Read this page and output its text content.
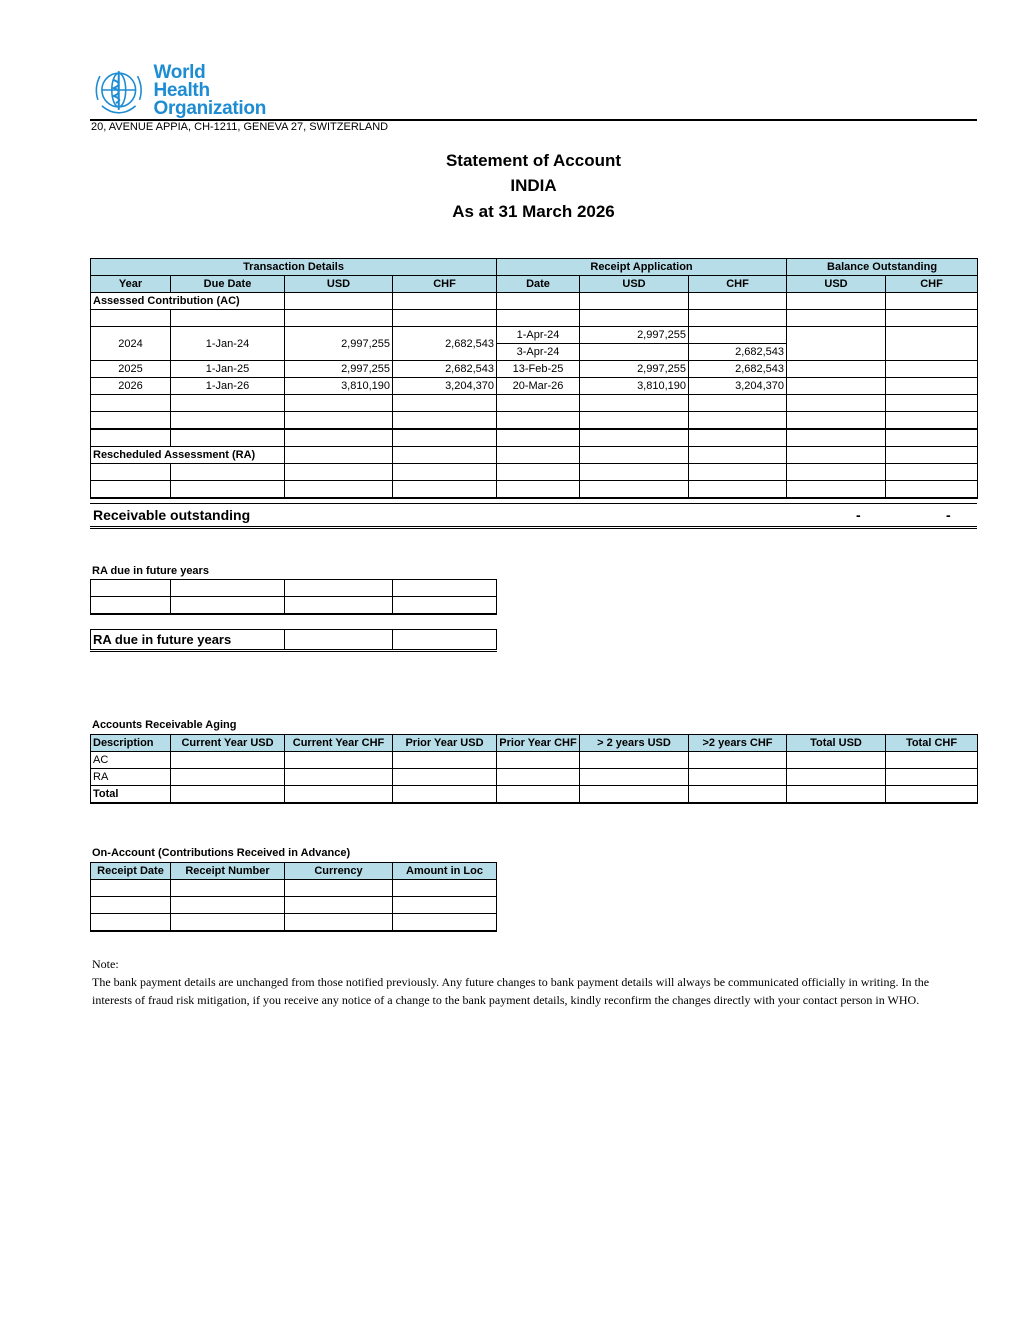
World Health
Organization
20, AVENUE APPIA, CH-1211, GENEVA 27, SWITZERLAND
Statement of Account
INDIA
As at 31 March 2026
Transaction Details				Receipt Application			Balance Outstanding	
Year	Due Date	USD	CHF	Date	USD	CHF	USD	CHF
Assessed Contribution (AC)								

2024	1-Jan-24	2,997,255	2,682,543	1-Apr-24	2,997,255			
				3-Apr-24		2,682,543		
2025	1-Jan-25	2,997,255	2,682,543	13-Feb-25	2,997,255	2,682,543		
2026	1-Jan-26	3,810,190	3,204,370	20-Mar-26	3,810,190	3,204,370		

Rescheduled Assessment (RA)								

Receivable outstanding	-	-
RA due in future years

RA due in future years		
Accounts Receivable Aging
Description	Current Year USD	Current Year CHF	Prior Year USD	Prior Year CHF	> 2 years USD	>2 years CHF	Total USD	Total CHF
AC								
RA								
Total								
On-Account (Contributions Received in Advance)
Receipt Date	Receipt Number	Currency	Amount in Loc

Note:
The bank payment details are unchanged from those notified previously. Any future changes to bank payment details will always be communicated officially in writing. In the interests of fraud risk mitigation, if you receive any notice of a change to the bank payment details, kindly reconfirm the changes directly with your contact person in WHO.
